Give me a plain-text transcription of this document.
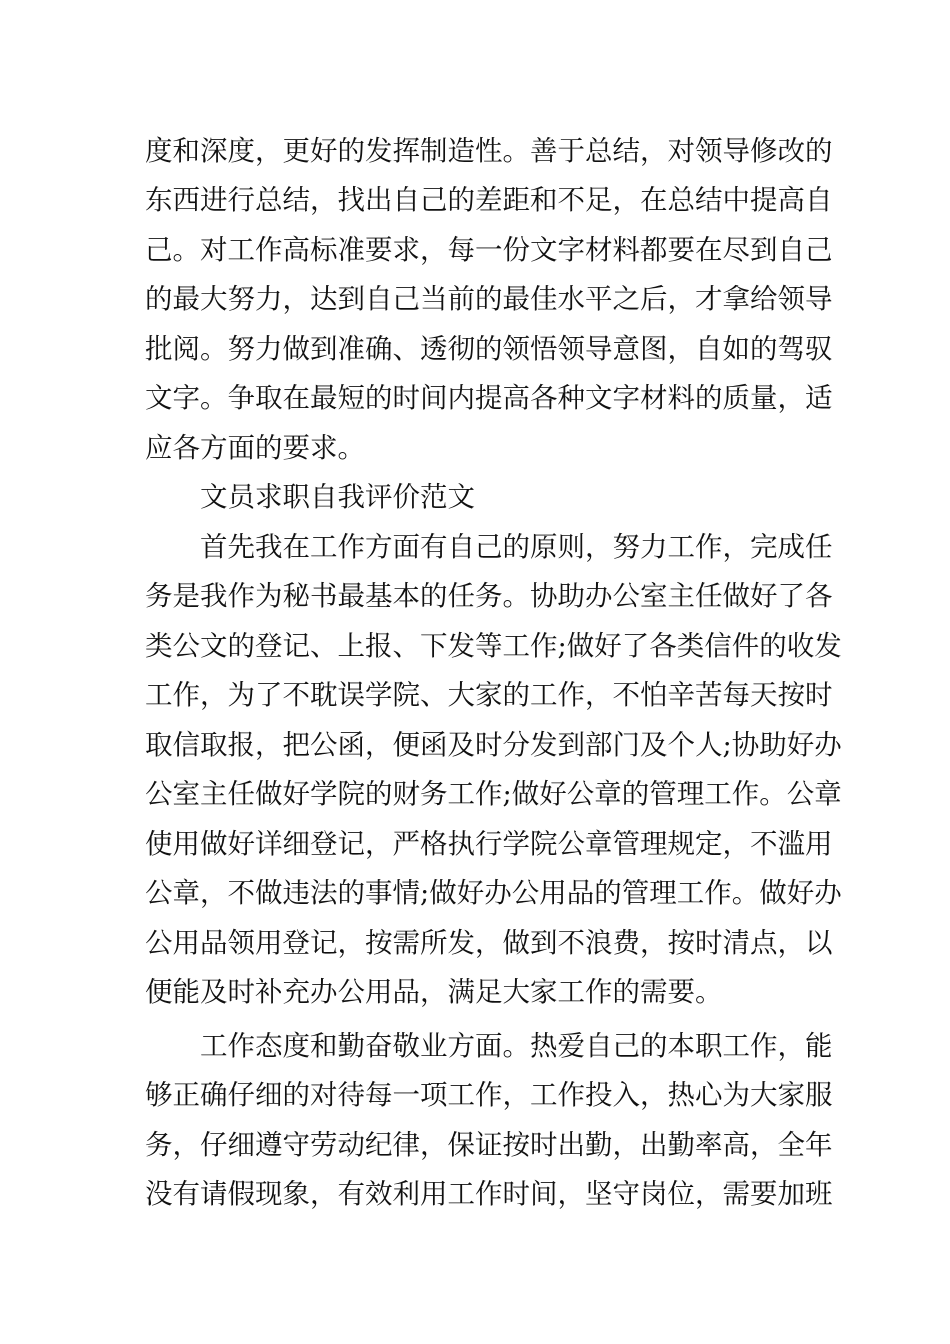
度和深度，更好的发挥制造性。善于总结，对领导修改的
东西进行总结，找出自己的差距和不足，在总结中提高自
己。对工作高标准要求，每一份文字材料都要在尽到自己
的最大努力，达到自己当前的最佳水平之后，才拿给领导
批阅。努力做到准确、透彻的领悟领导意图，自如的驾驭
文字。争取在最短的时间内提高各种文字材料的质量，适
应各方面的要求。
文员求职自我评价范文
首先我在工作方面有自己的原则，努力工作，完成任
务是我作为秘书最基本的任务。协助办公室主任做好了各
类公文的登记、上报、下发等工作;做好了各类信件的收发
工作，为了不耽误学院、大家的工作，不怕辛苦每天按时
取信取报，把公函，便函及时分发到部门及个人;协助好办
公室主任做好学院的财务工作;做好公章的管理工作。公章
使用做好详细登记，严格执行学院公章管理规定，不滥用
公章，不做违法的事情;做好办公用品的管理工作。做好办
公用品领用登记，按需所发，做到不浪费，按时清点，以
便能及时补充办公用品，满足大家工作的需要。
工作态度和勤奋敬业方面。热爱自己的本职工作，能
够正确仔细的对待每一项工作，工作投入，热心为大家服
务，仔细遵守劳动纪律，保证按时出勤，出勤率高，全年
没有请假现象，有效利用工作时间，坚守岗位，需要加班
